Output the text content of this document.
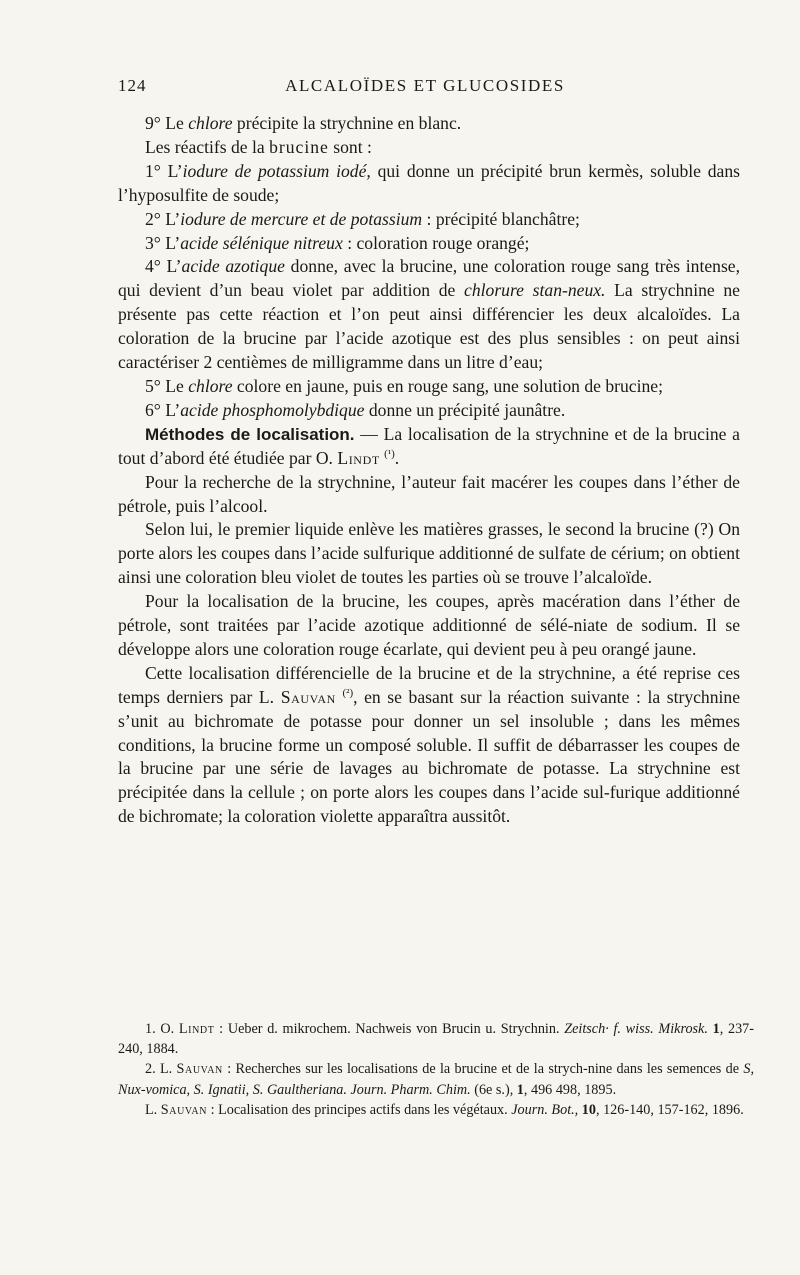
124	ALCALOÏDES ET GLUCOSIDES

9° Le chlore précipite la strychnine en blanc.

Les réactifs de la brucine sont :

1° L’iodure de potassium iodé, qui donne un précipité brun kermès, soluble dans l’hyposulfite de soude;

2° L’iodure de mercure et de potassium : précipité blanchâtre;

3° L’acide sélénique nitreux : coloration rouge orangé;

4° L’acide azotique donne, avec la brucine, une coloration rouge sang très intense, qui devient d’un beau violet par addition de chlorure stan-neux. La strychnine ne présente pas cette réaction et l’on peut ainsi différencier les deux alcaloïdes. La coloration de la brucine par l’acide azotique est des plus sensibles : on peut ainsi caractériser 2 centièmes de milligramme dans un litre d’eau;

5° Le chlore colore en jaune, puis en rouge sang, une solution de brucine;

6° L’acide phosphomolybdique donne un précipité jaunâtre.

Méthodes de localisation. — La localisation de la strychnine et de la brucine a tout d’abord été étudiée par O. Lindt $^{(^1)}$.

Pour la recherche de la strychnine, l’auteur fait macérer les coupes dans l’éther de pétrole, puis l’alcool.

Selon lui, le premier liquide enlève les matières grasses, le second la brucine (?) On porte alors les coupes dans l’acide sulfurique additionné de sulfate de cérium; on obtient ainsi une coloration bleu violet de toutes les parties où se trouve l’alcaloïde.

Pour la localisation de la brucine, les coupes, après macération dans l’éther de pétrole, sont traitées par l’acide azotique additionné de sélé-niate de sodium. Il se développe alors une coloration rouge écarlate, qui devient peu à peu orangé jaune.

Cette localisation différencielle de la brucine et de la strychnine, a été reprise ces temps derniers par L. Sauvan $^{(^2)}$, en se basant sur la réaction suivante : la strychnine s’unit au bichromate de potasse pour donner un sel insoluble ; dans les mêmes conditions, la brucine forme un composé soluble. Il suffit de débarrasser les coupes de la brucine par une série de lavages au bichromate de potasse. La strychnine est précipitée dans la cellule ; on porte alors les coupes dans l’acide sul-furique additionné de bichromate; la coloration violette apparaîtra aussitôt.

1. O. Lindt : Ueber d. mikrochem. Nachweis von Brucin u. Strychnin. Zeitsch· f. wiss. Mikrosk. 1, 237-240, 1884.

2. L. Sauvan : Recherches sur les localisations de la brucine et de la strych-nine dans les semences de S, Nux-vomica, S. Ignatii, S. Gaultheriana. Journ. Pharm. Chim. (6e s.), 1, 496 498, 1895.

L. Sauvan : Localisation des principes actifs dans les végétaux. Journ. Bot., 10, 126-140, 157-162, 1896.
